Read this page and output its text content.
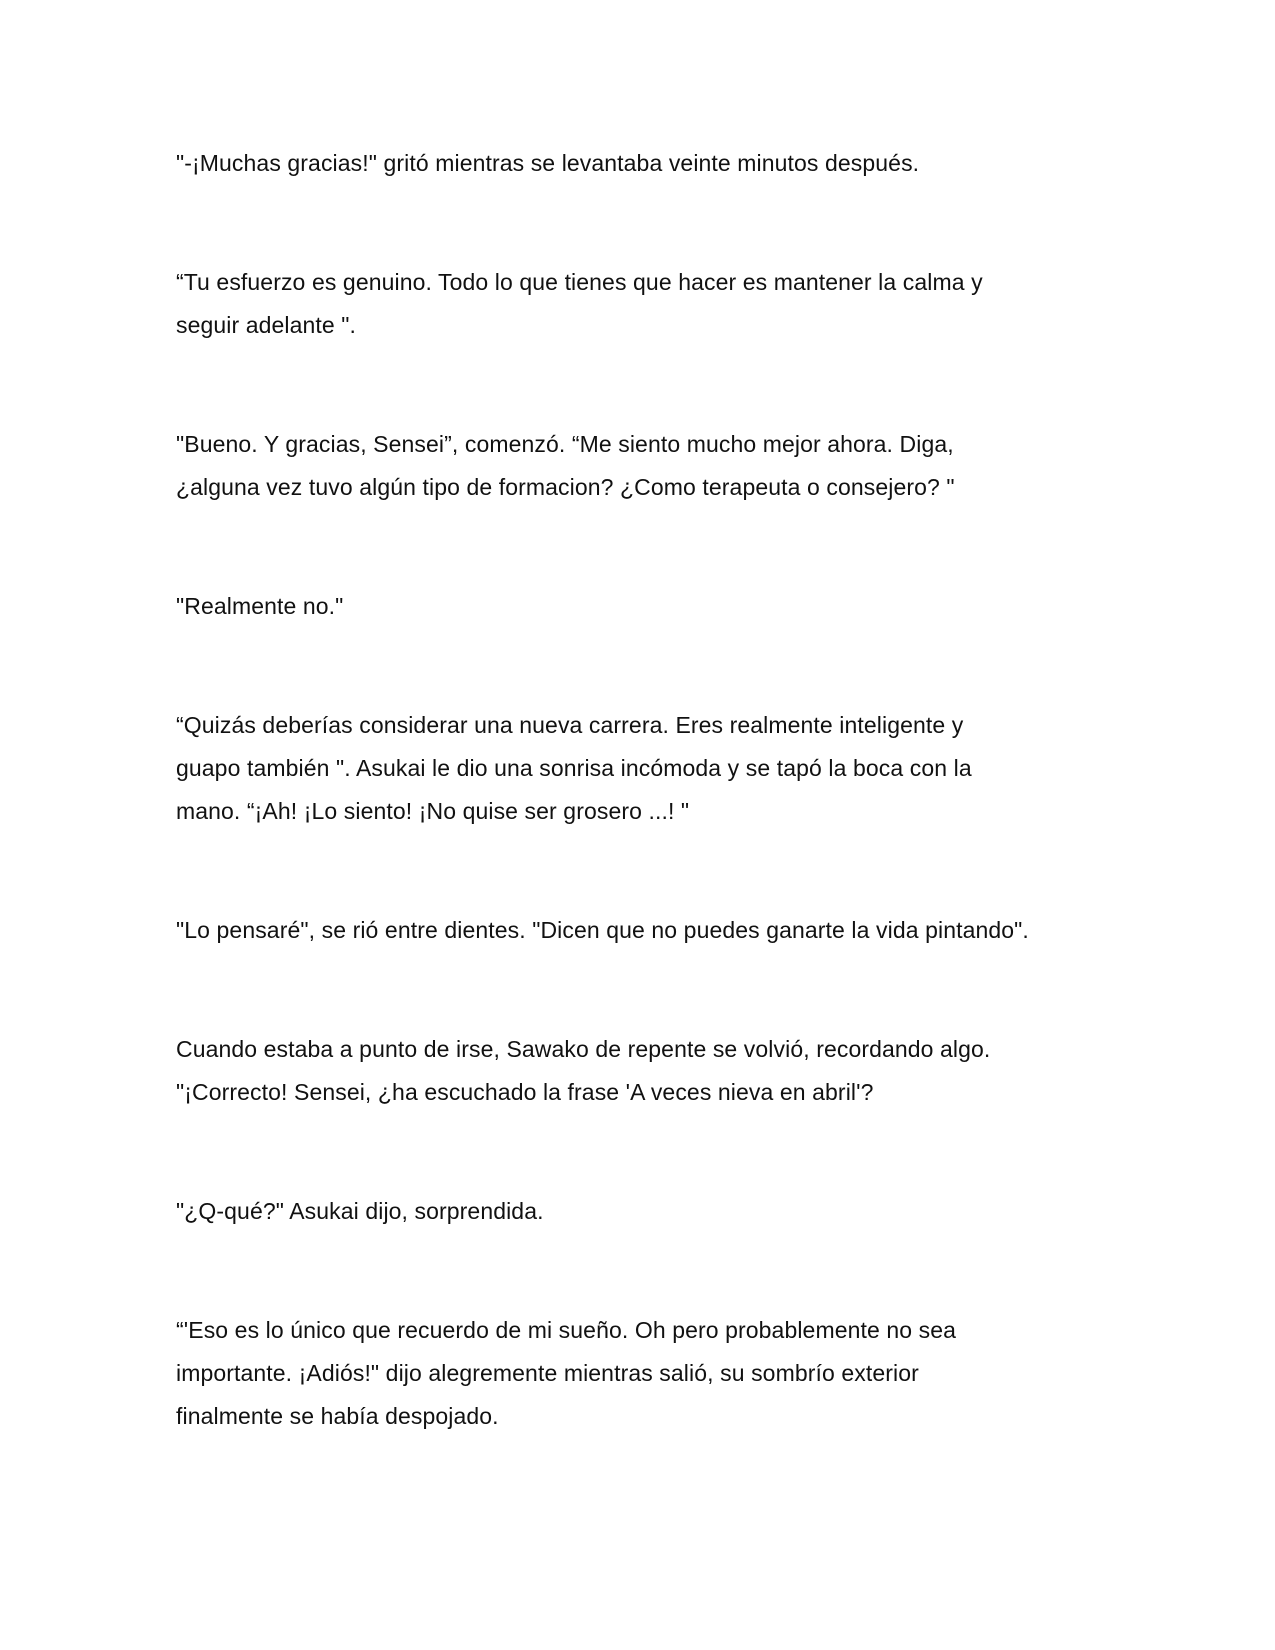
"-¡Muchas gracias!" gritó mientras se levantaba veinte minutos después.

“Tu esfuerzo es genuino. Todo lo que tienes que hacer es mantener la calma y
seguir adelante ".

"Bueno. Y gracias, Sensei”, comenzó. “Me siento mucho mejor ahora. Diga,
¿alguna vez tuvo algún tipo de formacion? ¿Como terapeuta o consejero? "

"Realmente no."

“Quizás deberías considerar una nueva carrera. Eres realmente inteligente y
guapo también ". Asukai le dio una sonrisa incómoda y se tapó la boca con la
mano. “¡Ah! ¡Lo siento! ¡No quise ser grosero ...! "

"Lo pensaré", se rió entre dientes. "Dicen que no puedes ganarte la vida pintando".

Cuando estaba a punto de irse, Sawako de repente se volvió, recordando algo.
"¡Correcto! Sensei, ¿ha escuchado la frase 'A veces nieva en abril'?

"¿Q-qué?" Asukai dijo, sorprendida.

“'Eso es lo único que recuerdo de mi sueño. Oh pero probablemente no sea
importante. ¡Adiós!" dijo alegremente mientras salió, su sombrío exterior
finalmente se había despojado.
